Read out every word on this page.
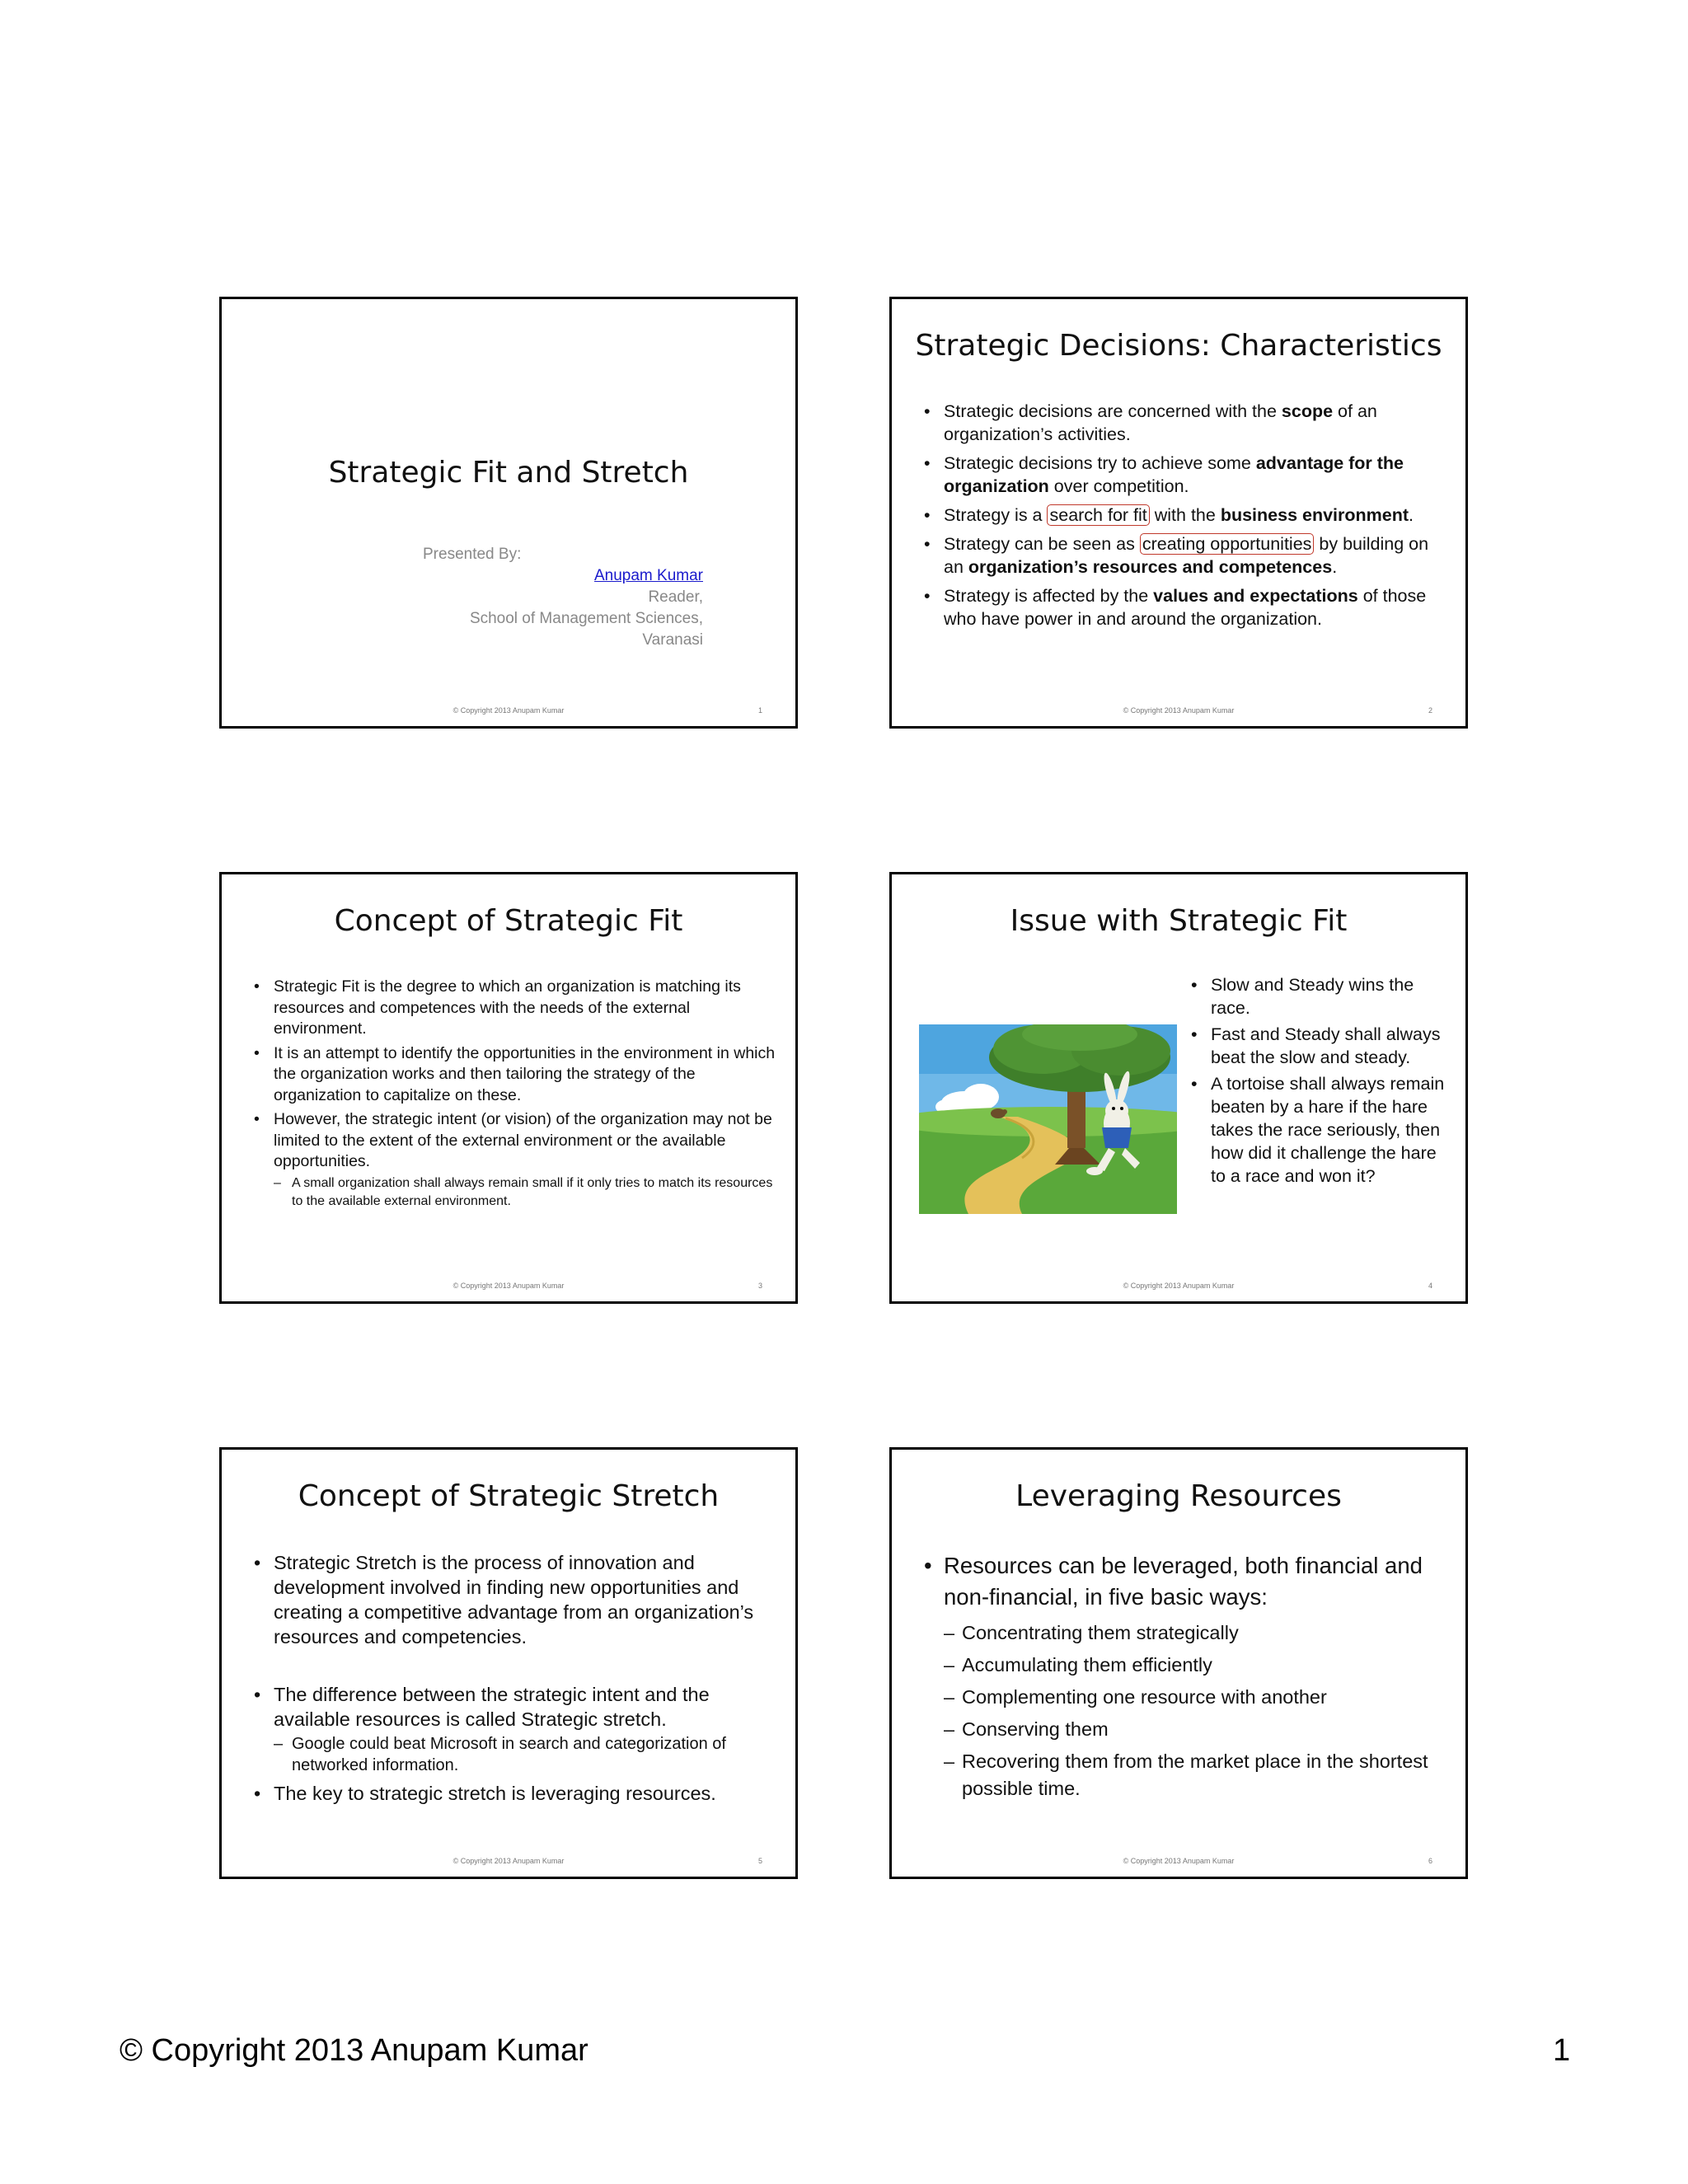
Strategic Fit and Stretch
Presented By:
Anupam Kumar
Reader,
School of Management Sciences,
Varanasi
© Copyright 2013 Anupam Kumar	1
Strategic Decisions: Characteristics
• Strategic decisions are concerned with the scope of an organization’s activities.
• Strategic decisions try to achieve some advantage for the organization over competition.
• Strategy is a search for fit with the business environment.
• Strategy can be seen as creating opportunities by building on an organization’s resources and competences.
• Strategy is affected by the values and expectations of those who have power in and around the organization.
© Copyright 2013 Anupam Kumar	2
Concept of Strategic Fit
• Strategic Fit is the degree to which an organization is matching its resources and competences with the needs of the external environment.
• It is an attempt to identify the opportunities in the environment in which the organization works and then tailoring the strategy of the organization to capitalize on these.
• However, the strategic intent (or vision) of the organization may not be limited to the extent of the external environment or the available opportunities.
– A small organization shall always remain small if it only tries to match its resources to the available external environment.
© Copyright 2013 Anupam Kumar	3
Issue with Strategic Fit
• Slow and Steady wins the race.
• Fast and Steady shall always beat the slow and steady.
• A tortoise shall always remain beaten by a hare if the hare takes the race seriously, then how did it challenge the hare to a race and won it?
© Copyright 2013 Anupam Kumar	4
Concept of Strategic Stretch
• Strategic Stretch is the process of innovation and development involved in finding new opportunities and creating a competitive advantage from an organization’s resources and competencies.
• The difference between the strategic intent and the available resources is called Strategic stretch.
– Google could beat Microsoft in search and categorization of networked information.
• The key to strategic stretch is leveraging resources.
© Copyright 2013 Anupam Kumar	5
Leveraging Resources
• Resources can be leveraged, both financial and non-financial, in five basic ways:
– Concentrating them strategically
– Accumulating them efficiently
– Complementing one resource with another
– Conserving them
– Recovering them from the market place in the shortest possible time.
© Copyright 2013 Anupam Kumar	6
© Copyright 2013 Anupam Kumar	1
